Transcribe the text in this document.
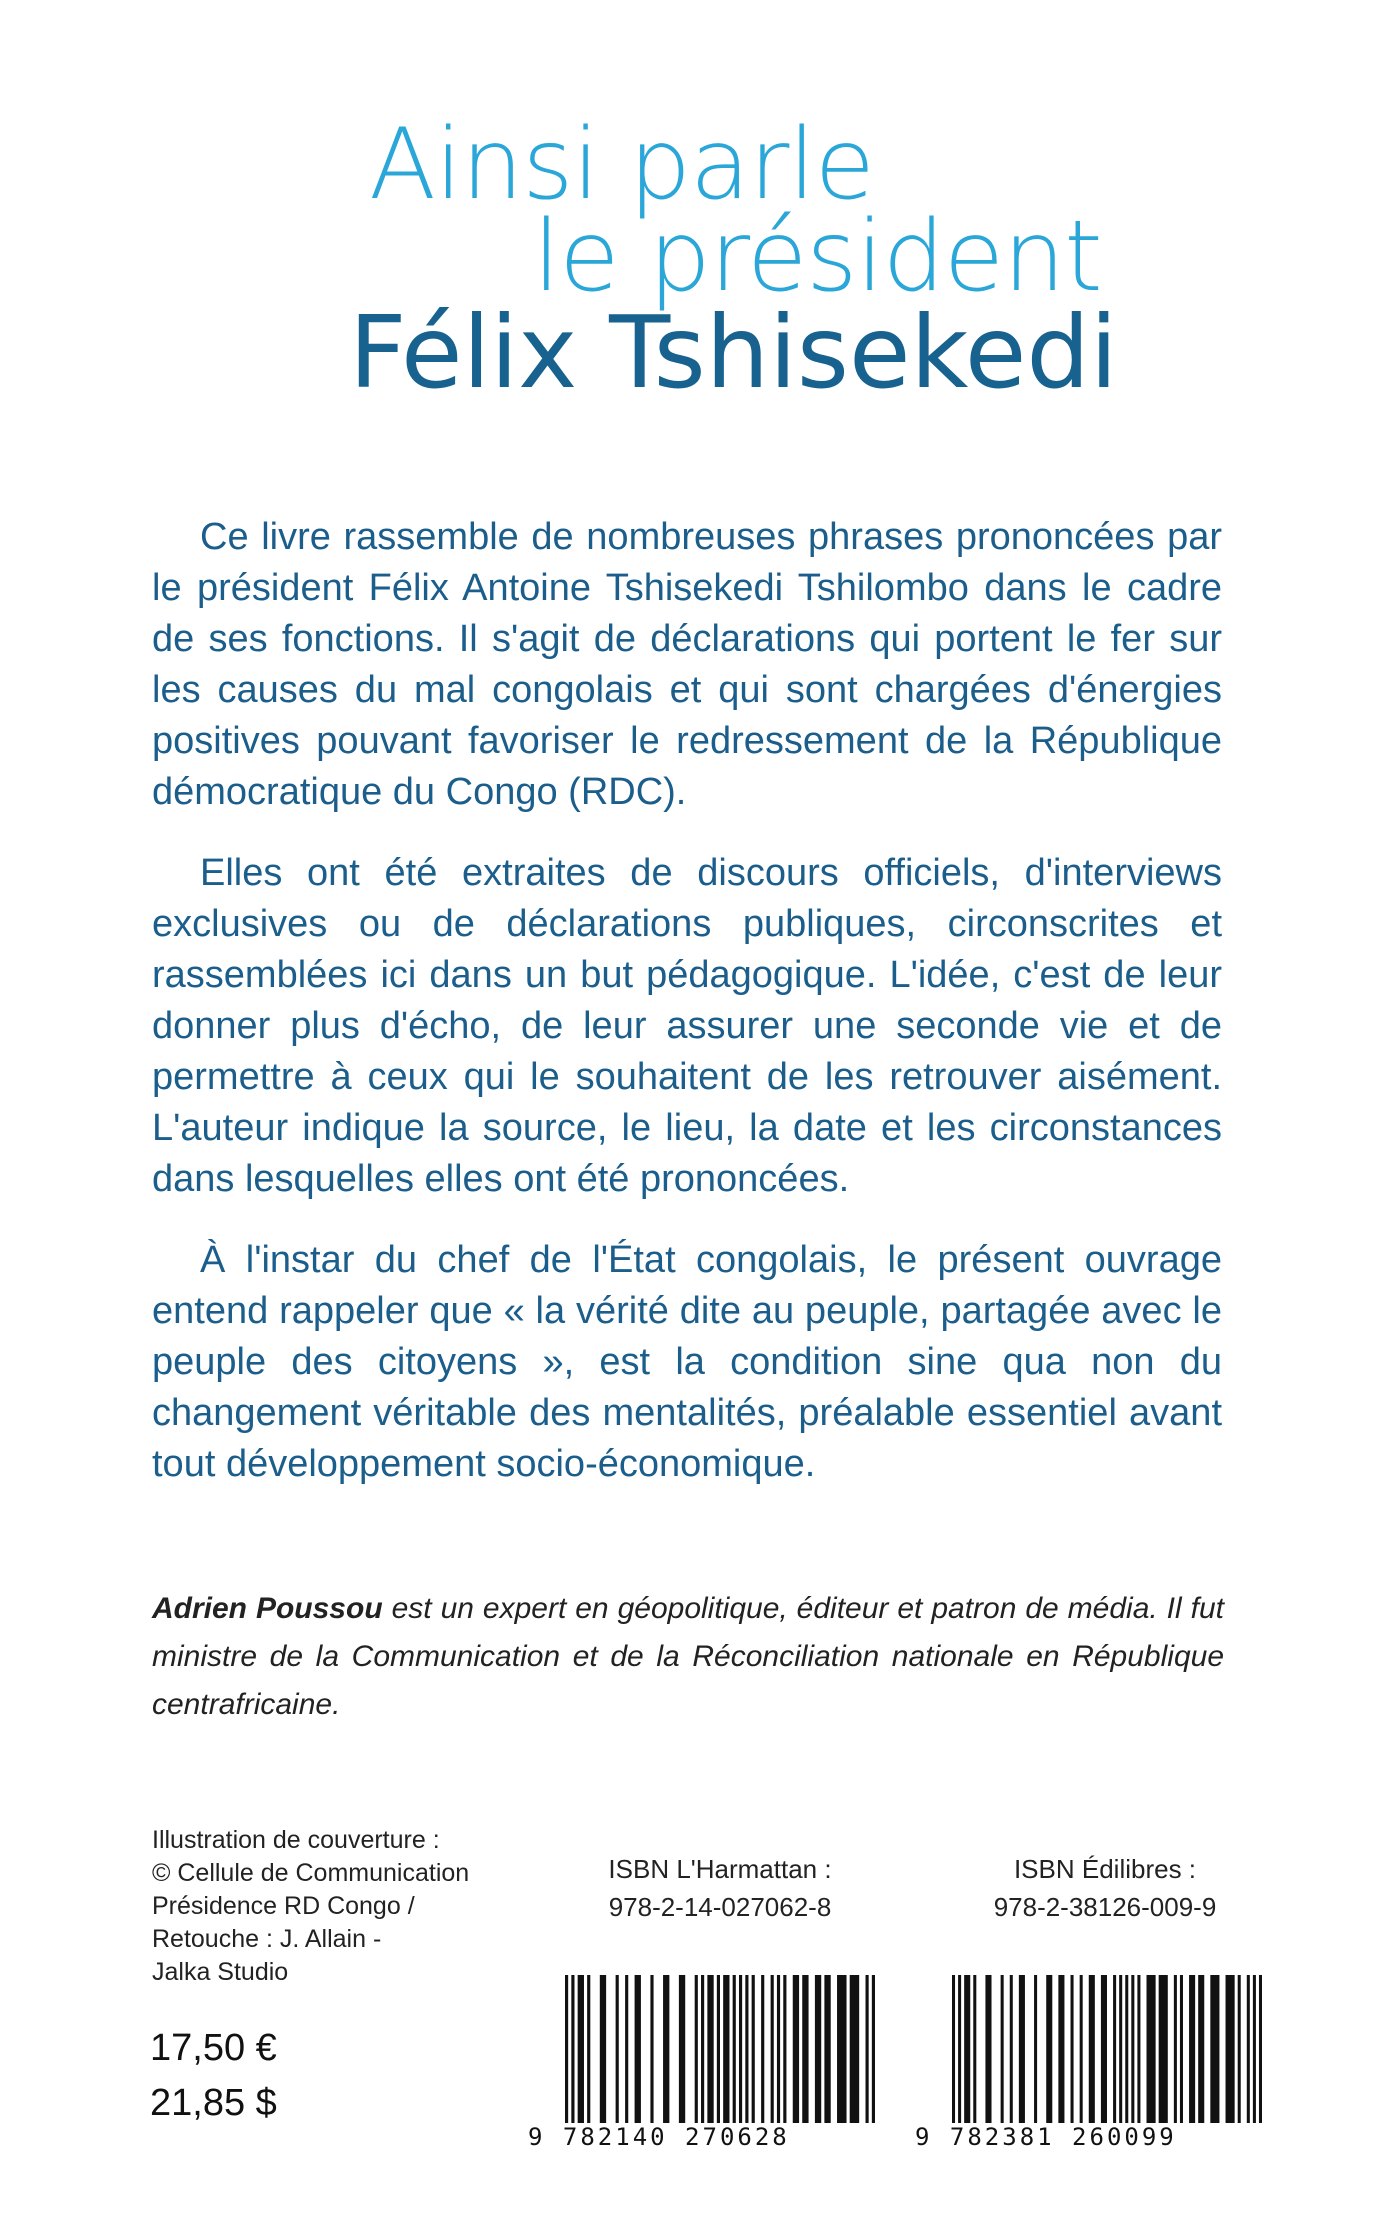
Ainsi parle
le président
Félix Tshisekedi

Ce livre rassemble de nombreuses phrases prononcées par le président Félix Antoine Tshisekedi Tshilombo dans le cadre de ses fonctions. Il s'agit de déclarations qui portent le fer sur les causes du mal congolais et qui sont chargées d'énergies positives pouvant favoriser le redressement de la République démocratique du Congo (RDC).

Elles ont été extraites de discours officiels, d'interviews exclusives ou de déclarations publiques, circonscrites et rassemblées ici dans un but pédagogique. L'idée, c'est de leur donner plus d'écho, de leur assurer une seconde vie et de permettre à ceux qui le souhaitent de les retrouver aisément. L'auteur indique la source, le lieu, la date et les circonstances dans lesquelles elles ont été prononcées.

À l'instar du chef de l'État congolais, le présent ouvrage entend rappeler que « la vérité dite au peuple, partagée avec le peuple des citoyens », est la condition sine qua non du changement véritable des mentalités, préalable essentiel avant tout développement socio-économique.

Adrien Poussou est un expert en géopolitique, éditeur et patron de média. Il fut ministre de la Communication et de la Réconciliation nationale en République centrafricaine.
Illustration de couverture :
© Cellule de Communication
Présidence RD Congo /
Retouche : J. Allain -
Jalka Studio
17,50 €
21,85 $
ISBN L'Harmattan :
978-2-14-027062-8
ISBN Édilibres :
978-2-38126-009-9
9 782140 270628	9 782381 260099
